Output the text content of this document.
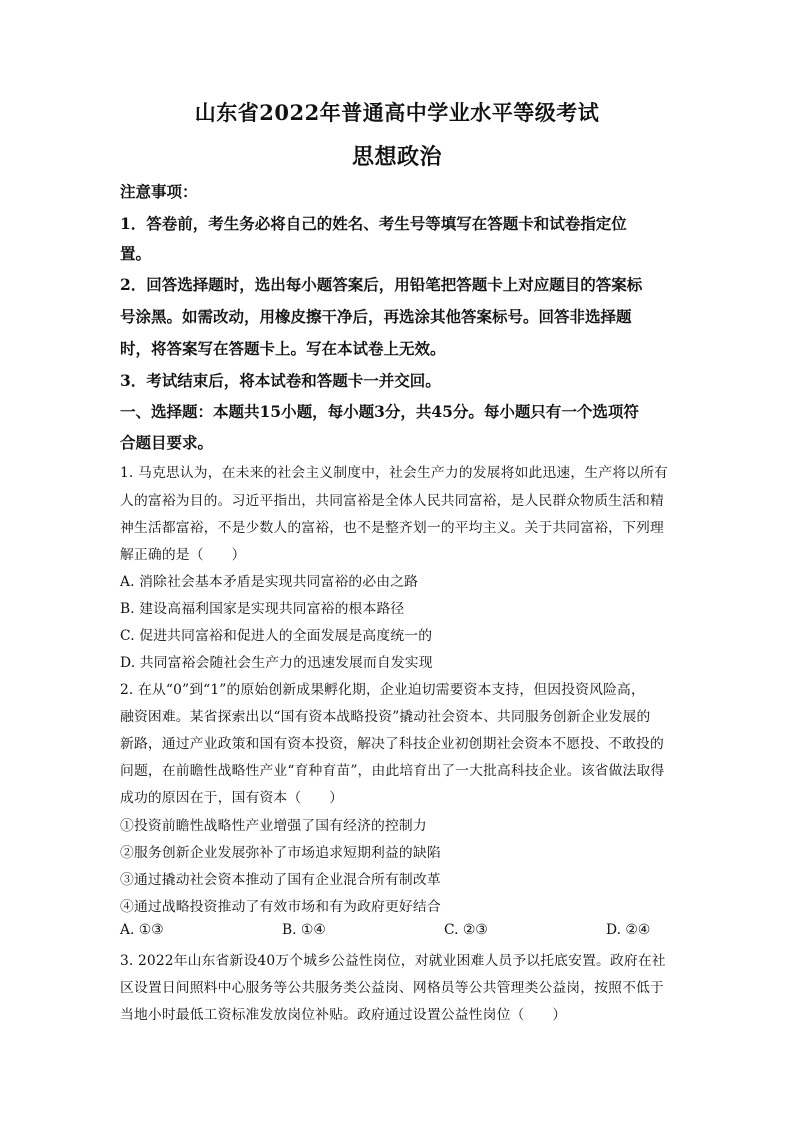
山东省2022年普通高中学业水平等级考试
思想政治
注意事项：
1．答卷前，考生务必将自己的姓名、考生号等填写在答题卡和试卷指定位
置。
2．回答选择题时，选出每小题答案后，用铅笔把答题卡上对应题目的答案标
号涂黑。如需改动，用橡皮擦干净后，再选涂其他答案标号。回答非选择题
时，将答案写在答题卡上。写在本试卷上无效。
3．考试结束后，将本试卷和答题卡一并交回。
一、选择题：本题共15小题，每小题3分，共45分。每小题只有一个选项符
合题目要求。
1. 马克思认为，在未来的社会主义制度中，社会生产力的发展将如此迅速，生产将以所有
人的富裕为目的。习近平指出，共同富裕是全体人民共同富裕，是人民群众物质生活和精
神生活都富裕，不是少数人的富裕，也不是整齐划一的平均主义。关于共同富裕，下列理
解正确的是（　　）
A. 消除社会基本矛盾是实现共同富裕的必由之路
B. 建设高福利国家是实现共同富裕的根本路径
C. 促进共同富裕和促进人的全面发展是高度统一的
D. 共同富裕会随社会生产力的迅速发展而自发实现
2. 在从“0”到“1”的原始创新成果孵化期，企业迫切需要资本支持，但因投资风险高，
融资困难。某省探索出以“国有资本战略投资”撬动社会资本、共同服务创新企业发展的
新路，通过产业政策和国有资本投资，解决了科技企业初创期社会资本不愿投、不敢投的
问题，在前瞻性战略性产业“育种育苗”，由此培育出了一大批高科技企业。该省做法取得
成功的原因在于，国有资本（　　）
①投资前瞻性战略性产业增强了国有经济的控制力
②服务创新企业发展弥补了市场追求短期利益的缺陷
③通过撬动社会资本推动了国有企业混合所有制改革
④通过战略投资推动了有效市场和有为政府更好结合
A. ①③	B. ①④	C. ②③	D. ②④
3. 2022年山东省新设40万个城乡公益性岗位，对就业困难人员予以托底安置。政府在社
区设置日间照料中心服务等公共服务类公益岗、网格员等公共管理类公益岗，按照不低于
当地小时最低工资标准发放岗位补贴。政府通过设置公益性岗位（　　）
